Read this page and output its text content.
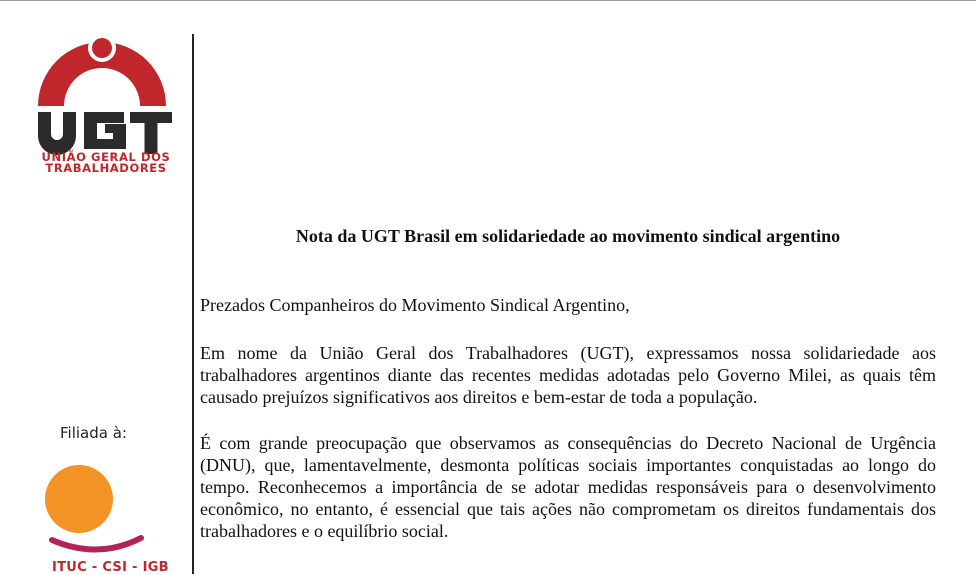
UNIÃO GERAL DOS
TRABALHADORES
Filiada à:
ITUC - CSI - IGB
Nota da UGT Brasil em solidariedade ao movimento sindical argentino
Prezados Companheiros do Movimento Sindical Argentino,
Em nome da União Geral dos Trabalhadores (UGT), expressamos nossa solidariedade aos trabalhadores argentinos diante das recentes medidas adotadas pelo Governo Milei, as quais têm causado prejuízos significativos aos direitos e bem-estar de toda a população.
É com grande preocupação que observamos as consequências do Decreto Nacional de Urgência (DNU), que, lamentavelmente, desmonta políticas sociais importantes conquistadas ao longo do tempo. Reconhecemos a importância de se adotar medidas responsáveis para o desenvolvimento econômico, no entanto, é essencial que tais ações não comprometam os direitos fundamentais dos trabalhadores e o equilíbrio social.
